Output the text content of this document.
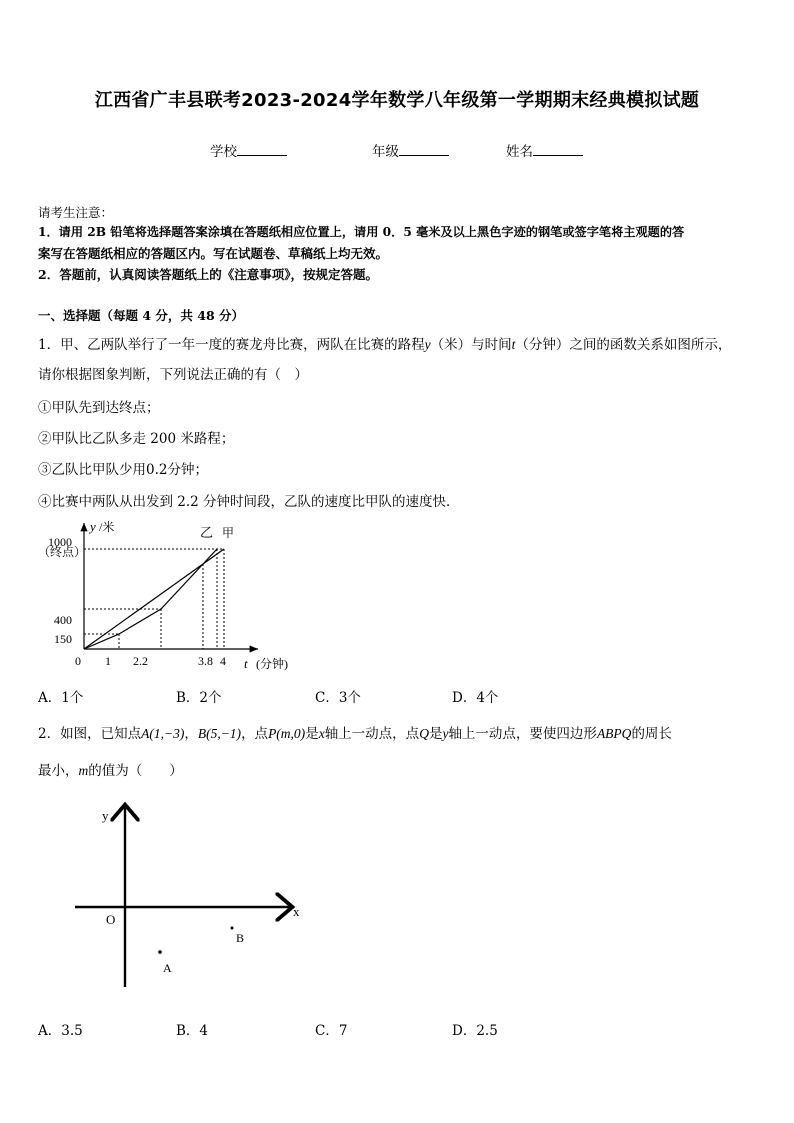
江西省广丰县联考2023-2024学年数学八年级第一学期期末经典模拟试题
学校	年级	姓名
请考生注意：
1．请用 2B 铅笔将选择题答案涂填在答题纸相应位置上，请用 0．5 毫米及以上黑色字迹的钢笔或签字笔将主观题的答
案写在答题纸相应的答题区内。写在试题卷、草稿纸上均无效。
2．答题前，认真阅读答题纸上的《注意事项》，按规定答题。
一、选择题（每题 4 分，共 48 分）
1．甲、乙两队举行了一年一度的赛龙舟比赛，两队在比赛的路程y（米）与时间t（分钟）之间的函数关系如图所示，
请你根据图象判断，下列说法正确的有（　）
①甲队先到达终点；
②甲队比乙队多走 200 米路程；
③乙队比甲队少用0.2分钟；
④比赛中两队从出发到 2.2 分钟时间段，乙队的速度比甲队的速度快．
y /米
（终点）
1000
400
150
0 1 2.2	3.8 4 t (分钟)
乙 甲
A．1个	B．2个	C．3个	D．4个
2．如图，已知点A(1,−3)，B(5,−1)，点P(m,0)是x轴上一动点，点Q是y轴上一动点，要使四边形ABPQ的周长
最小，m的值为（　　）
y
x
O
A
B
A．3.5	B．4	C．7	D．2.5
